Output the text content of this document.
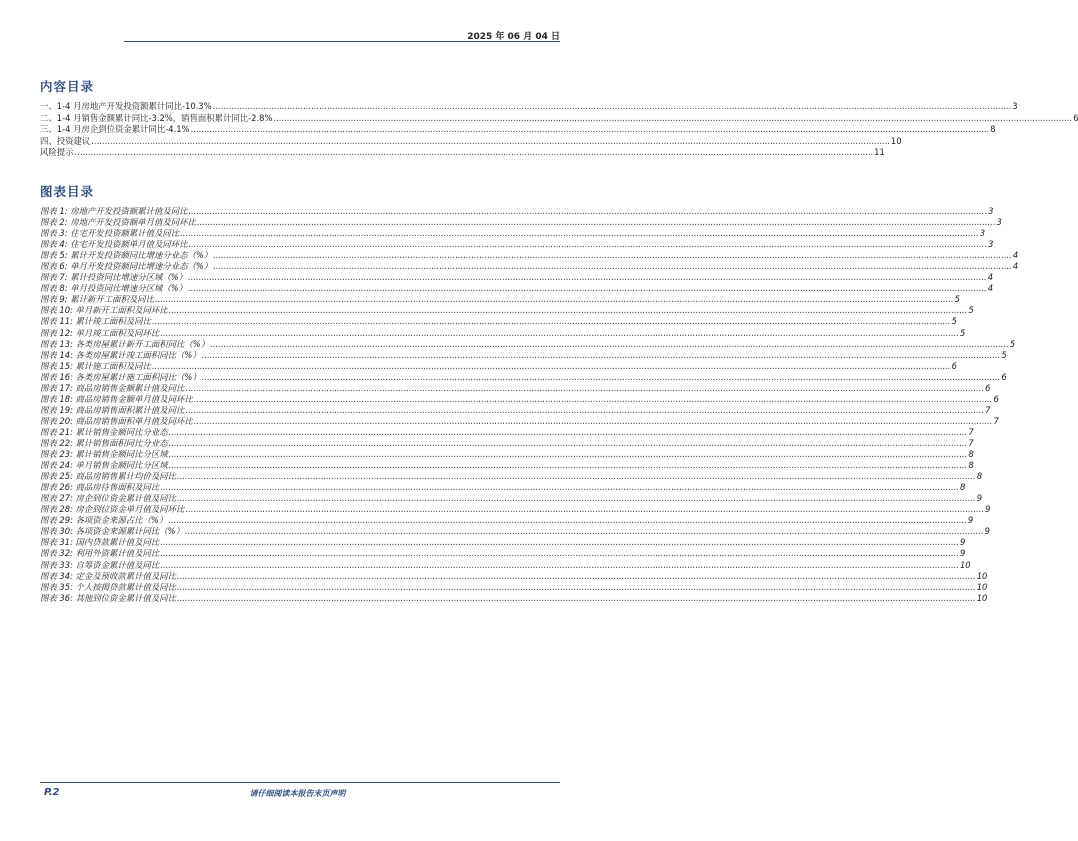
2025 年 06 月 04 日
内容目录
一、1-4 月房地产开发投资额累计同比-10.3% ............................................................................................................................................................................................................................................................................................................ 3
二、1-4 月销售金额累计同比-3.2%，销售面积累计同比-2.8% ............................................................................................................................................................................................................................................................................................................ 6
三、1-4 月房企到位资金累计同比-4.1% ............................................................................................................................................................................................................................................................................................................ 8
四、投资建议 ............................................................................................................................................................................................................................................................................................................ 10
风险提示 ............................................................................................................................................................................................................................................................................................................ 11
图表目录
图表 1: 房地产开发投资额累计值及同比 ............................................................................................................................................................................................................................................................................................................ 3
图表 2: 房地产开发投资额单月值及同环比 ............................................................................................................................................................................................................................................................................................................ 3
图表 3: 住宅开发投资额累计值及同比 ............................................................................................................................................................................................................................................................................................................ 3
图表 4: 住宅开发投资额单月值及同环比 ............................................................................................................................................................................................................................................................................................................ 3
图表 5: 累计开发投资额同比增速分业态（%） ............................................................................................................................................................................................................................................................................................................ 4
图表 6: 单月开发投资额同比增速分业态（%） ............................................................................................................................................................................................................................................................................................................ 4
图表 7: 累计投资同比增速分区域（%） ............................................................................................................................................................................................................................................................................................................ 4
图表 8: 单月投资同比增速分区域（%） ............................................................................................................................................................................................................................................................................................................ 4
图表 9: 累计新开工面积及同比 ............................................................................................................................................................................................................................................................................................................ 5
图表 10: 单月新开工面积及同环比 ............................................................................................................................................................................................................................................................................................................ 5
图表 11: 累计竣工面积及同比 ............................................................................................................................................................................................................................................................................................................ 5
图表 12: 单月竣工面积及同环比 ............................................................................................................................................................................................................................................................................................................ 5
图表 13: 各类房屋累计新开工面积同比（%） ............................................................................................................................................................................................................................................................................................................ 5
图表 14: 各类房屋累计竣工面积同比（%） ............................................................................................................................................................................................................................................................................................................ 5
图表 15: 累计施工面积及同比 ............................................................................................................................................................................................................................................................................................................ 6
图表 16: 各类房屋累计施工面积同比（%） ............................................................................................................................................................................................................................................................................................................ 6
图表 17: 商品房销售金额累计值及同比 ............................................................................................................................................................................................................................................................................................................ 6
图表 18: 商品房销售金额单月值及同环比 ............................................................................................................................................................................................................................................................................................................ 6
图表 19: 商品房销售面积累计值及同比 ............................................................................................................................................................................................................................................................................................................ 7
图表 20: 商品房销售面积单月值及同环比 ............................................................................................................................................................................................................................................................................................................ 7
图表 21: 累计销售金额同比分业态 ............................................................................................................................................................................................................................................................................................................ 7
图表 22: 累计销售面积同比分业态 ............................................................................................................................................................................................................................................................................................................ 7
图表 23: 累计销售金额同比分区域 ............................................................................................................................................................................................................................................................................................................ 8
图表 24: 单月销售金额同比分区域 ............................................................................................................................................................................................................................................................................................................ 8
图表 25: 商品房销售累计均价及同比 ............................................................................................................................................................................................................................................................................................................ 8
图表 26: 商品房待售面积及同比 ............................................................................................................................................................................................................................................................................................................ 8
图表 27: 房企到位资金累计值及同比 ............................................................................................................................................................................................................................................................................................................ 9
图表 28: 房企到位资金单月值及同环比 ............................................................................................................................................................................................................................................................................................................ 9
图表 29: 各项资金来源占比（%） ............................................................................................................................................................................................................................................................................................................ 9
图表 30: 各项资金来源累计同比（%） ............................................................................................................................................................................................................................................................................................................ 9
图表 31: 国内贷款累计值及同比 ............................................................................................................................................................................................................................................................................................................ 9
图表 32: 利用外资累计值及同比 ............................................................................................................................................................................................................................................................................................................ 9
图表 33: 自筹资金累计值及同比 ............................................................................................................................................................................................................................................................................................................ 10
图表 34: 定金及预收款累计值及同比 ............................................................................................................................................................................................................................................................................................................ 10
图表 35: 个人按揭贷款累计值及同比 ............................................................................................................................................................................................................................................................................................................ 10
图表 36: 其他到位资金累计值及同比 ............................................................................................................................................................................................................................................................................................................ 10
P.2	请仔细阅读本报告末页声明
